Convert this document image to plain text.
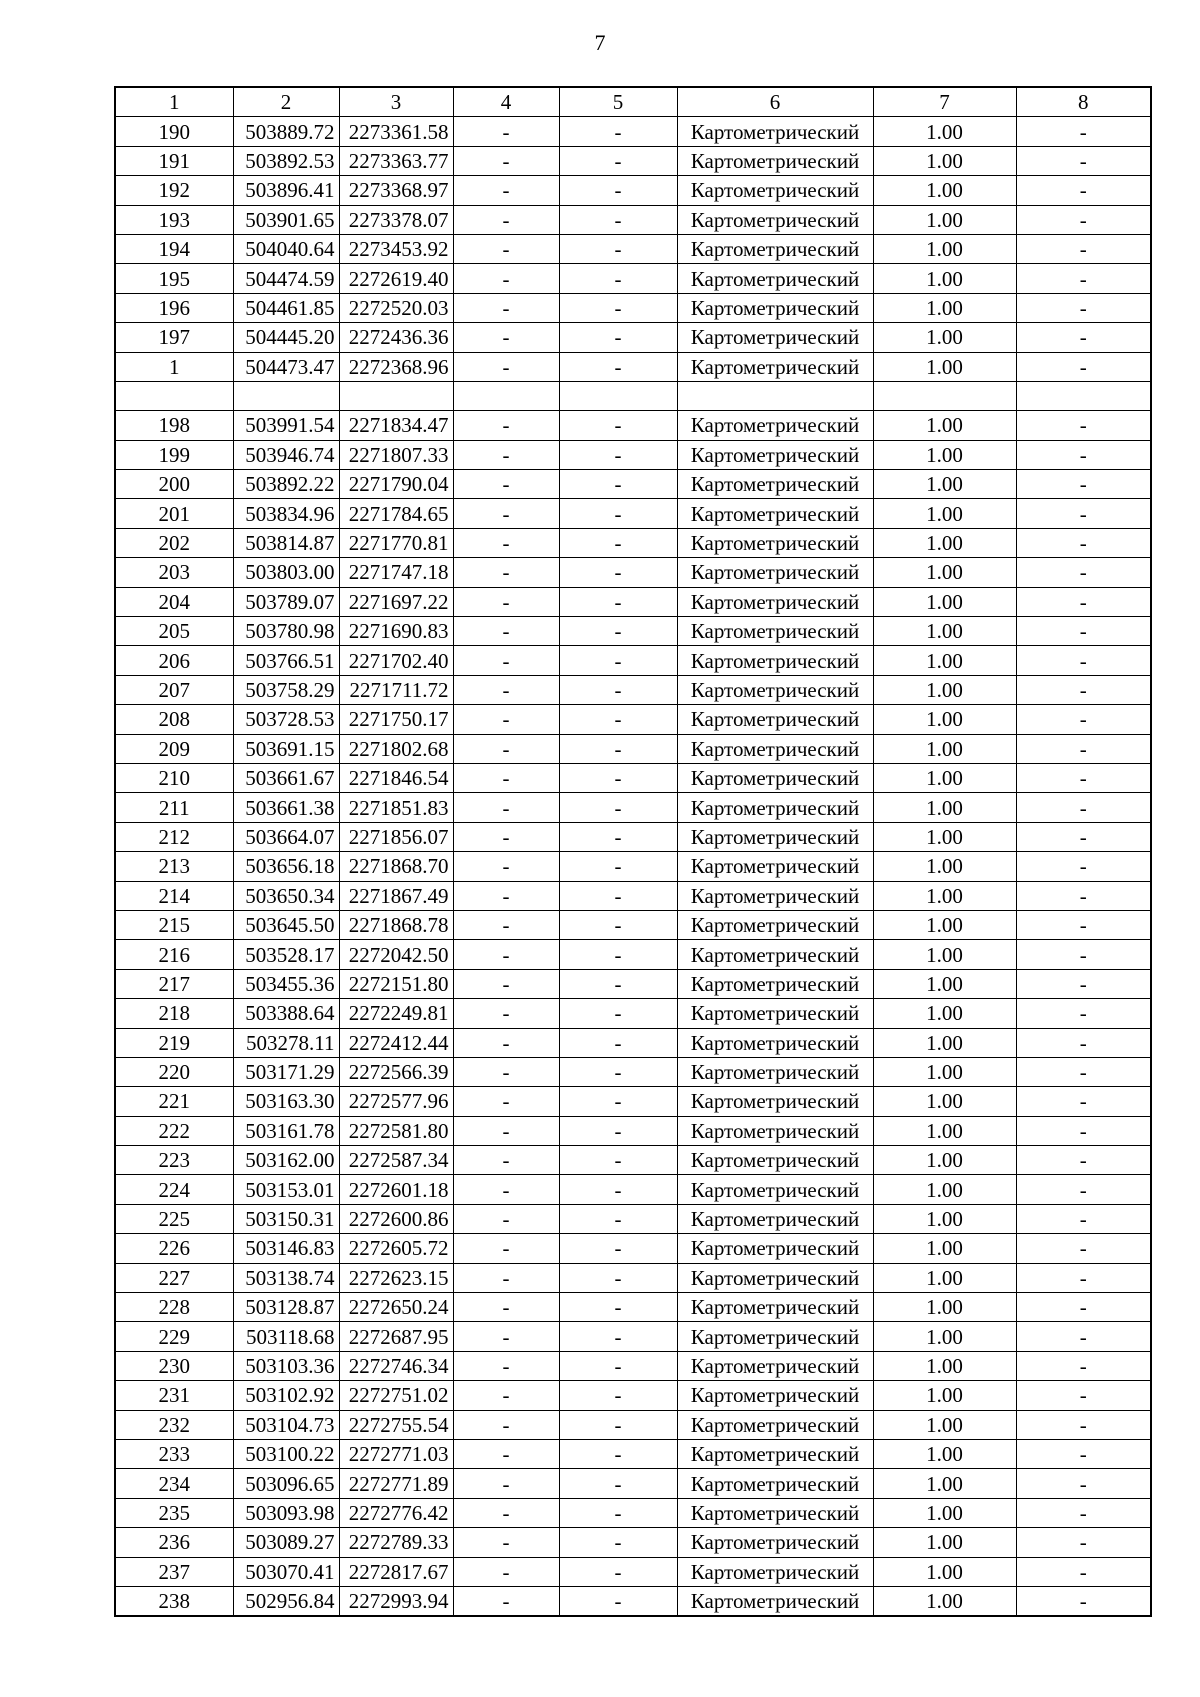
7
1	2	3	4	5	6	7	8
190	503889.72	2273361.58	-	-	Картометрический	1.00	-
191	503892.53	2273363.77	-	-	Картометрический	1.00	-
192	503896.41	2273368.97	-	-	Картометрический	1.00	-
193	503901.65	2273378.07	-	-	Картометрический	1.00	-
194	504040.64	2273453.92	-	-	Картометрический	1.00	-
195	504474.59	2272619.40	-	-	Картометрический	1.00	-
196	504461.85	2272520.03	-	-	Картометрический	1.00	-
197	504445.20	2272436.36	-	-	Картометрический	1.00	-
1	504473.47	2272368.96	-	-	Картометрический	1.00	-

198	503991.54	2271834.47	-	-	Картометрический	1.00	-
199	503946.74	2271807.33	-	-	Картометрический	1.00	-
200	503892.22	2271790.04	-	-	Картометрический	1.00	-
201	503834.96	2271784.65	-	-	Картометрический	1.00	-
202	503814.87	2271770.81	-	-	Картометрический	1.00	-
203	503803.00	2271747.18	-	-	Картометрический	1.00	-
204	503789.07	2271697.22	-	-	Картометрический	1.00	-
205	503780.98	2271690.83	-	-	Картометрический	1.00	-
206	503766.51	2271702.40	-	-	Картометрический	1.00	-
207	503758.29	2271711.72	-	-	Картометрический	1.00	-
208	503728.53	2271750.17	-	-	Картометрический	1.00	-
209	503691.15	2271802.68	-	-	Картометрический	1.00	-
210	503661.67	2271846.54	-	-	Картометрический	1.00	-
211	503661.38	2271851.83	-	-	Картометрический	1.00	-
212	503664.07	2271856.07	-	-	Картометрический	1.00	-
213	503656.18	2271868.70	-	-	Картометрический	1.00	-
214	503650.34	2271867.49	-	-	Картометрический	1.00	-
215	503645.50	2271868.78	-	-	Картометрический	1.00	-
216	503528.17	2272042.50	-	-	Картометрический	1.00	-
217	503455.36	2272151.80	-	-	Картометрический	1.00	-
218	503388.64	2272249.81	-	-	Картометрический	1.00	-
219	503278.11	2272412.44	-	-	Картометрический	1.00	-
220	503171.29	2272566.39	-	-	Картометрический	1.00	-
221	503163.30	2272577.96	-	-	Картометрический	1.00	-
222	503161.78	2272581.80	-	-	Картометрический	1.00	-
223	503162.00	2272587.34	-	-	Картометрический	1.00	-
224	503153.01	2272601.18	-	-	Картометрический	1.00	-
225	503150.31	2272600.86	-	-	Картометрический	1.00	-
226	503146.83	2272605.72	-	-	Картометрический	1.00	-
227	503138.74	2272623.15	-	-	Картометрический	1.00	-
228	503128.87	2272650.24	-	-	Картометрический	1.00	-
229	503118.68	2272687.95	-	-	Картометрический	1.00	-
230	503103.36	2272746.34	-	-	Картометрический	1.00	-
231	503102.92	2272751.02	-	-	Картометрический	1.00	-
232	503104.73	2272755.54	-	-	Картометрический	1.00	-
233	503100.22	2272771.03	-	-	Картометрический	1.00	-
234	503096.65	2272771.89	-	-	Картометрический	1.00	-
235	503093.98	2272776.42	-	-	Картометрический	1.00	-
236	503089.27	2272789.33	-	-	Картометрический	1.00	-
237	503070.41	2272817.67	-	-	Картометрический	1.00	-
238	502956.84	2272993.94	-	-	Картометрический	1.00	-
